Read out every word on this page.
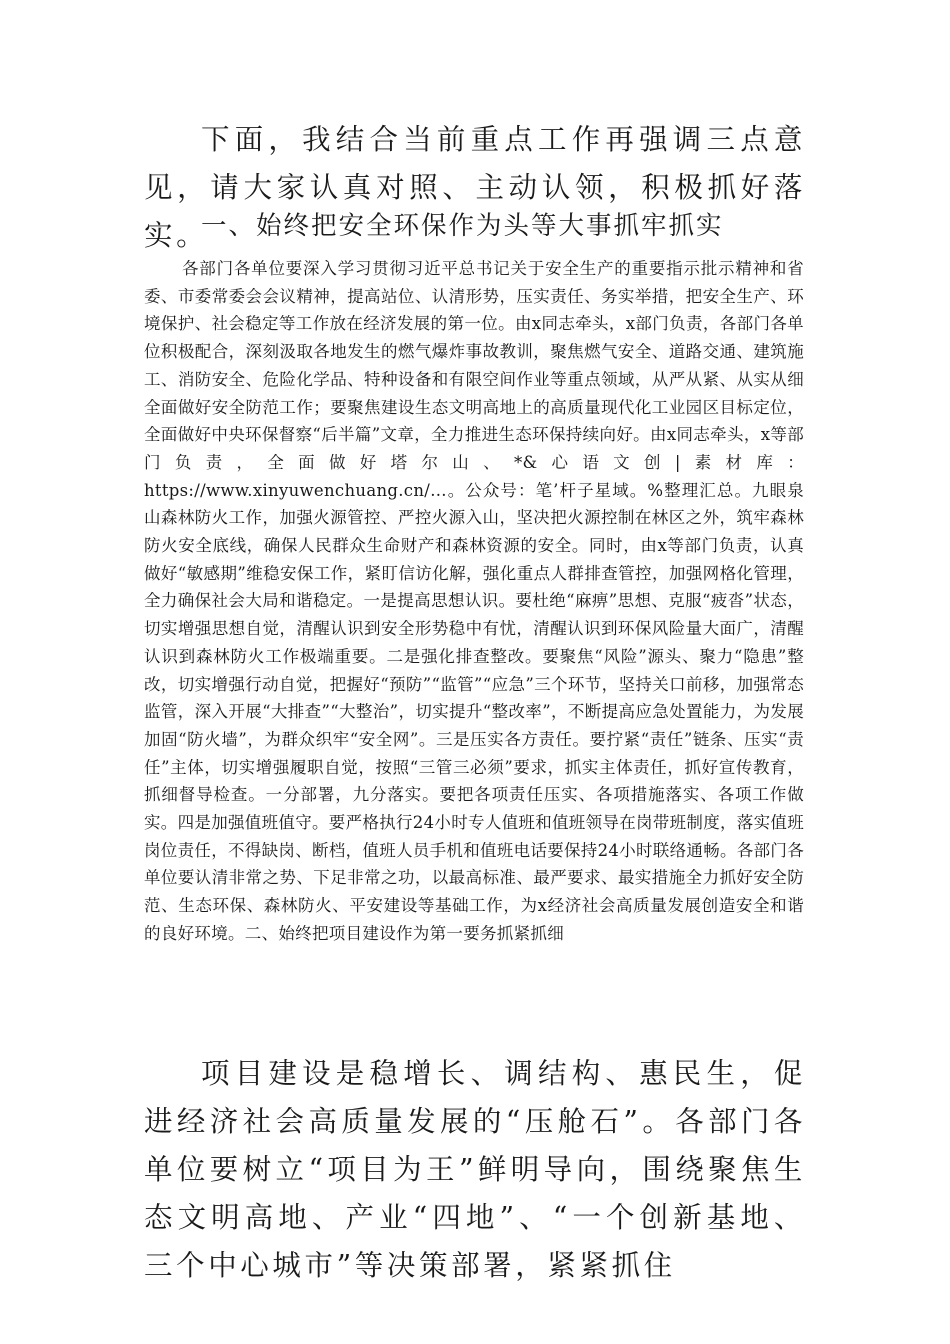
下面，我结合当前重点工作再强调三点意见，请大家认真对照、主动认领，积极抓好落实。

一、始终把安全环保作为头等大事抓牢抓实

各部门各单位要深入学习贯彻习近平总书记关于安全生产的重要指示批示精神和省委、市委常委会会议精神，提高站位、认清形势，压实责任、务实举措，把安全生产、环境保护、社会稳定等工作放在经济发展的第一位。由x同志牵头，x部门负责，各部门各单位积极配合，深刻汲取各地发生的燃气爆炸事故教训，聚焦燃气安全、道路交通、建筑施工、消防安全、危险化学品、特种设备和有限空间作业等重点领域，从严从紧、从实从细全面做好安全防范工作；要聚焦建设生态文明高地上的高质量现代化工业园区目标定位，全面做好中央环保督察“后半篇”文章，全力推进生态环保持续向好。由x同志牵头，x等部门负责，全面做好塔尔山、*&心语文创|素材库：https://www.xinyuwenchuang.cn/…。公众号：笔’杆子星域。%整理汇总。九眼泉山森林防火工作，加强火源管控、严控火源入山，坚决把火源控制在林区之外，筑牢森林防火安全底线，确保人民群众生命财产和森林资源的安全。同时，由x等部门负责，认真做好“敏感期”维稳安保工作，紧盯信访化解，强化重点人群排查管控，加强网格化管理，全力确保社会大局和谐稳定。一是提高思想认识。要杜绝“麻痹”思想、克服“疲沓”状态，切实增强思想自觉，清醒认识到安全形势稳中有忧，清醒认识到环保风险量大面广，清醒认识到森林防火工作极端重要。二是强化排查整改。要聚焦“风险”源头、聚力“隐患”整改，切实增强行动自觉，把握好“预防”“监管”“应急”三个环节，坚持关口前移，加强常态监管，深入开展“大排查”“大整治”，切实提升“整改率”，不断提高应急处置能力，为发展加固“防火墙”，为群众织牢“安全网”。三是压实各方责任。要拧紧“责任”链条、压实“责任”主体，切实增强履职自觉，按照“三管三必须”要求，抓实主体责任，抓好宣传教育，抓细督导检查。一分部署，九分落实。要把各项责任压实、各项措施落实、各项工作做实。四是加强值班值守。要严格执行24小时专人值班和值班领导在岗带班制度，落实值班岗位责任，不得缺岗、断档，值班人员手机和值班电话要保持24小时联络通畅。各部门各单位要认清非常之势、下足非常之功，以最高标准、最严要求、最实措施全力抓好安全防范、生态环保、森林防火、平安建设等基础工作，为x经济社会高质量发展创造安全和谐的良好环境。二、始终把项目建设作为第一要务抓紧抓细

项目建设是稳增长、调结构、惠民生，促进经济社会高质量发展的“压舱石”。各部门各单位要树立“项目为王”鲜明导向，围绕聚焦生态文明高地、产业“四地”、“一个创新基地、三个中心城市”等决策部署，紧紧抓住
